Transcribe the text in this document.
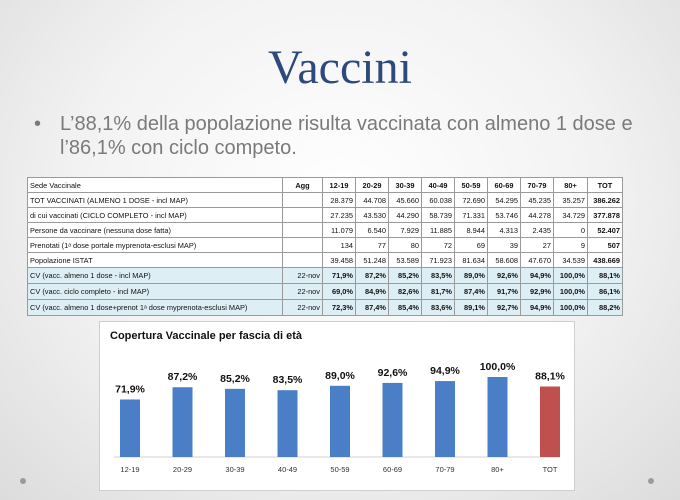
Vaccini
• L’88,1% della popolazione risulta vaccinata con almeno 1 dose e l’86,1% con ciclo competo.
Sede Vaccinale	Agg	12-19	20-29	30-39	40-49	50-59	60-69	70-79	80+	TOT
TOT VACCINATI (ALMENO 1 DOSE - incl MAP)		28.379	44.708	45.660	60.038	72.690	54.295	45.235	35.257	386.262
di cui vaccinati (CICLO COMPLETO - incl MAP)		27.235	43.530	44.290	58.739	71.331	53.746	44.278	34.729	377.878
Persone da vaccinare (nessuna dose fatta)		11.079	6.540	7.929	11.885	8.944	4.313	2.435	0	52.407
Prenotati (1ᵃ dose portale myprenota-esclusi MAP)		134	77	80	72	69	39	27	9	507
Popolazione ISTAT		39.458	51.248	53.589	71.923	81.634	58.608	47.670	34.539	438.669
CV (vacc. almeno 1 dose - incl MAP)	22-nov	71,9%	87,2%	85,2%	83,5%	89,0%	92,6%	94,9%	100,0%	88,1%
CV (vacc. ciclo completo - incl MAP)	22-nov	69,0%	84,9%	82,6%	81,7%	87,4%	91,7%	92,9%	100,0%	86,1%
CV (vacc. almeno 1 dose+prenot 1ᵃ dose myprenota-esclusi MAP)	22-nov	72,3%	87,4%	85,4%	83,6%	89,1%	92,7%	94,9%	100,0%	88,2%
Copertura Vaccinale per fascia di età
71,9%
12-19
87,2%
20-29
85,2%
30-39
83,5%
40-49
89,0%
50-59
92,6%
60-69
94,9%
70-79
100,0%
80+
88,1%
TOT
